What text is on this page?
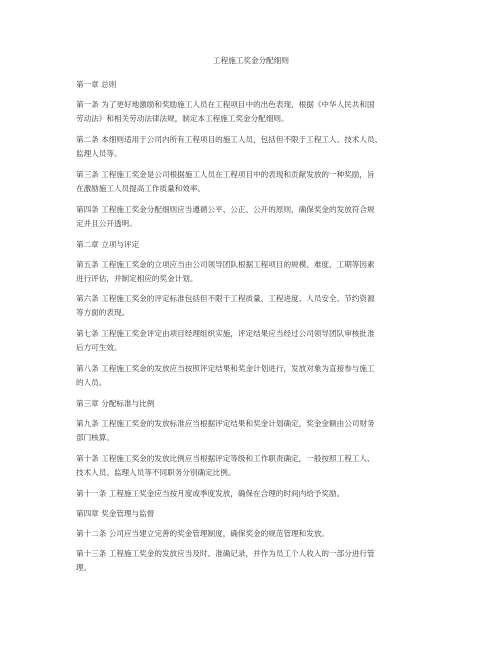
工程施工奖金分配细则

第一章 总则

第一条 为了更好地激励和奖励施工人员在工程项目中的出色表现，根据《中华人民共和国
劳动法》和相关劳动法律法规，制定本工程施工奖金分配细则。

第二条 本细则适用于公司内所有工程项目的施工人员，包括但不限于工程工人、技术人员、
监理人员等。

第三条 工程施工奖金是公司根据施工人员在工程项目中的表现和贡献发放的一种奖励，旨
在激励施工人员提高工作质量和效率。

第四条 工程施工奖金分配细则应当遵循公平、公正、公开的原则，确保奖金的发放符合规
定并且公开透明。

第二章 立项与评定

第五条 工程施工奖金的立项应当由公司领导团队根据工程项目的规模、难度、工期等因素
进行评估，并制定相应的奖金计划。

第六条 工程施工奖金的评定标准包括但不限于工程质量、工程进度、人员安全、节约资源
等方面的表现。

第七条 工程施工奖金评定由项目经理组织实施，评定结果应当经过公司领导团队审核批准
后方可生效。

第八条 工程施工奖金的发放应当按照评定结果和奖金计划进行，发放对象为直接参与施工
的人员。

第三章 分配标准与比例

第九条 工程施工奖金的发放标准应当根据评定结果和奖金计划确定，奖金金额由公司财务
部门核算。

第十条 工程施工奖金的发放比例应当根据评定等级和工作职责确定，一般按照工程工人、
技术人员、监理人员等不同职务分别确定比例。

第十一条 工程施工奖金应当按月度或季度发放，确保在合理的时间内给予奖励。

第四章 奖金管理与监督

第十二条 公司应当建立完善的奖金管理制度，确保奖金的规范管理和发放。

第十三条 工程施工奖金的发放应当及时、准确记录，并作为员工个人收入的一部分进行管
理。
